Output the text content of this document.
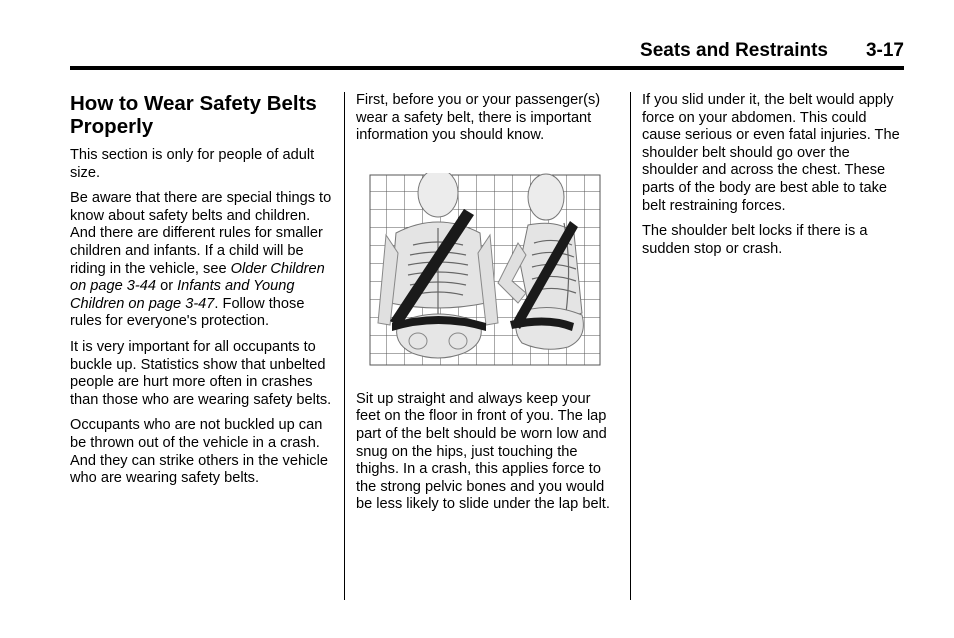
Seats and Restraints 3-17
How to Wear Safety Belts Properly

This section is only for people of adult size.

Be aware that there are special things to know about safety belts and children. And there are different rules for smaller children and infants. If a child will be riding in the vehicle, see Older Children on page 3-44 or Infants and Young Children on page 3-47. Follow those rules for everyone's protection.

It is very important for all occupants to buckle up. Statistics show that unbelted people are hurt more often in crashes than those who are wearing safety belts.

Occupants who are not buckled up can be thrown out of the vehicle in a crash. And they can strike others in the vehicle who are wearing safety belts.

First, before you or your passenger(s) wear a safety belt, there is important information you should know.

Sit up straight and always keep your feet on the floor in front of you. The lap part of the belt should be worn low and snug on the hips, just touching the thighs. In a crash, this applies force to the strong pelvic bones and you would be less likely to slide under the lap belt.

If you slid under it, the belt would apply force on your abdomen. This could cause serious or even fatal injuries. The shoulder belt should go over the shoulder and across the chest. These parts of the body are best able to take belt restraining forces.

The shoulder belt locks if there is a sudden stop or crash.
